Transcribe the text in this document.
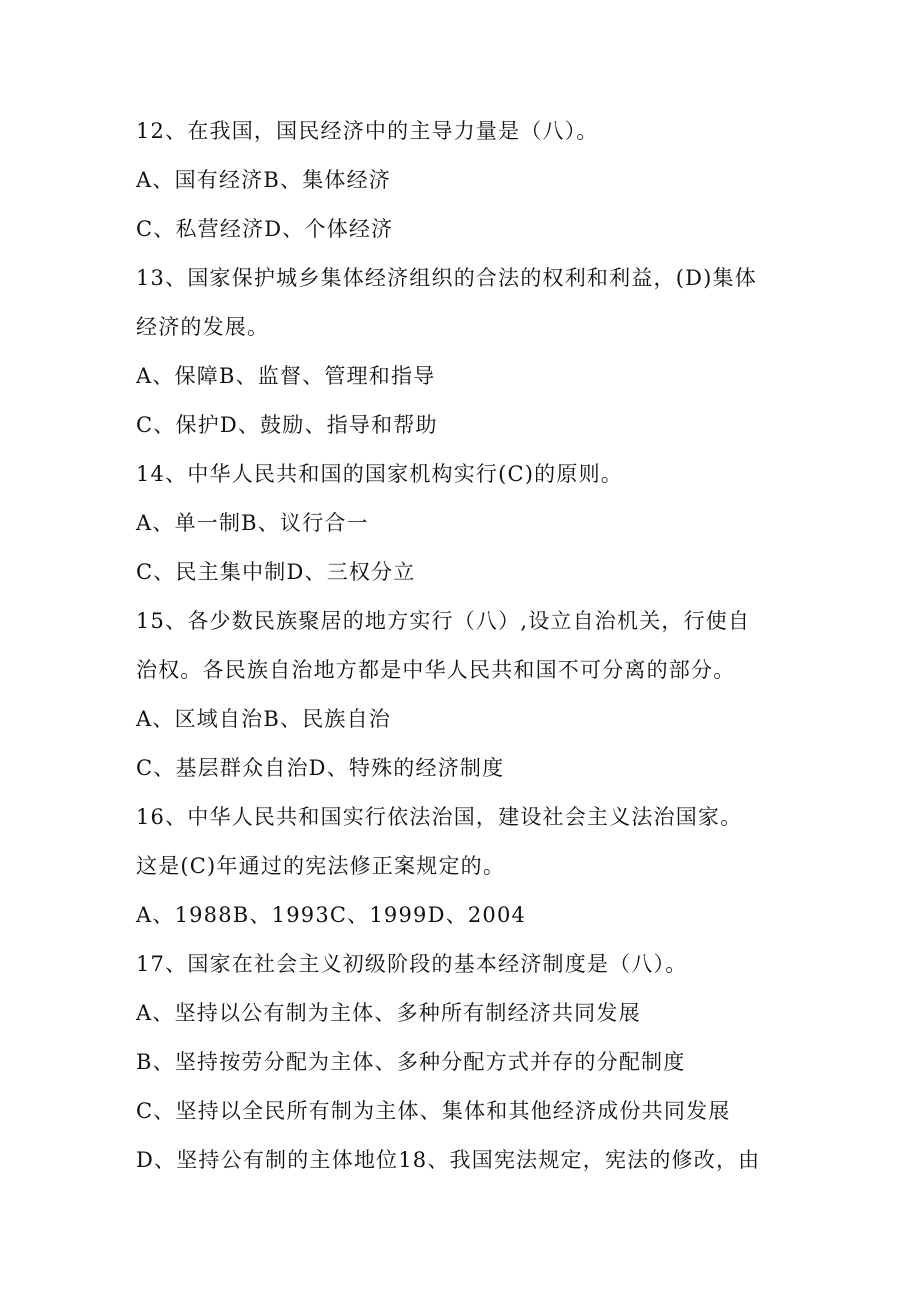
12、在我国，国民经济中的主导力量是（八）。
A、国有经济B、集体经济
C、私营经济D、个体经济
13、国家保护城乡集体经济组织的合法的权利和利益，(D)集体
经济的发展。
A、保障B、监督、管理和指导
C、保护D、鼓励、指导和帮助
14、中华人民共和国的国家机构实行(C)的原则。
A、单一制B、议行合一
C、民主集中制D、三权分立
15、各少数民族聚居的地方实行（八）,设立自治机关，行使自
治权。各民族自治地方都是中华人民共和国不可分离的部分。
A、区域自治B、民族自治
C、基层群众自治D、特殊的经济制度
16、中华人民共和国实行依法治国，建设社会主义法治国家。
这是(C)年通过的宪法修正案规定的。
A、1988B、1993C、1999D、2004
17、国家在社会主义初级阶段的基本经济制度是（八）。
A、坚持以公有制为主体、多种所有制经济共同发展
B、坚持按劳分配为主体、多种分配方式并存的分配制度
C、坚持以全民所有制为主体、集体和其他经济成份共同发展
D、坚持公有制的主体地位18、我国宪法规定，宪法的修改，由
